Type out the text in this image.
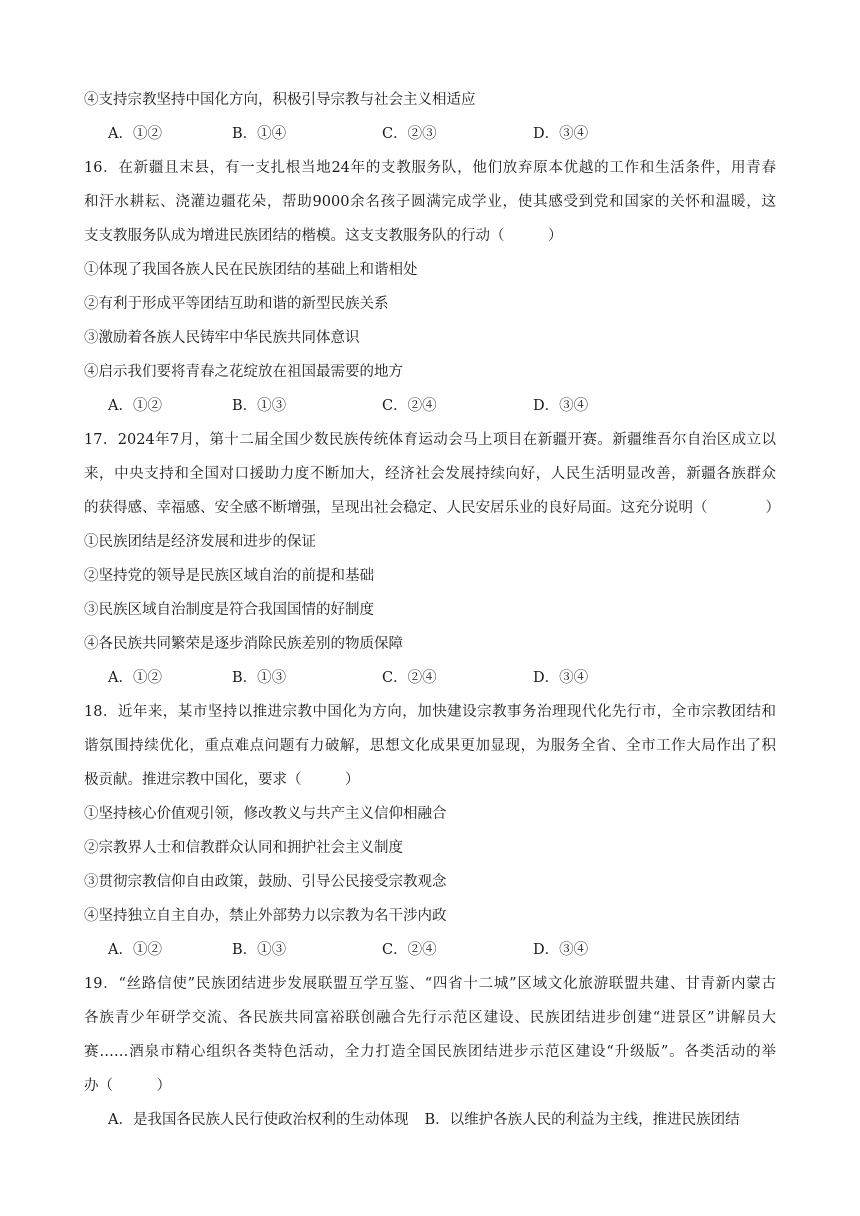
④支持宗教坚持中国化方向，积极引导宗教与社会主义相适应
A．①②	B．①④	C．②③	D．③④
16．在新疆且末县，有一支扎根当地24年的支教服务队，他们放弃原本优越的工作和生活条件，用青春
和汗水耕耘、浇灌边疆花朵，帮助9000余名孩子圆满完成学业，使其感受到党和国家的关怀和温暖，这
支支教服务队成为增进民族团结的楷模。这支支教服务队的行动（　　　）
①体现了我国各族人民在民族团结的基础上和谐相处
②有利于形成平等团结互助和谐的新型民族关系
③激励着各族人民铸牢中华民族共同体意识
④启示我们要将青春之花绽放在祖国最需要的地方
A．①②	B．①③	C．②④	D．③④
17．2024年7月，第十二届全国少数民族传统体育运动会马上项目在新疆开赛。新疆维吾尔自治区成立以
来，中央支持和全国对口援助力度不断加大，经济社会发展持续向好，人民生活明显改善，新疆各族群众
的获得感、幸福感、安全感不断增强，呈现出社会稳定、人民安居乐业的良好局面。这充分说明（　　　　）
①民族团结是经济发展和进步的保证
②坚持党的领导是民族区域自治的前提和基础
③民族区域自治制度是符合我国国情的好制度
④各民族共同繁荣是逐步消除民族差别的物质保障
A．①②	B．①③	C．②④	D．③④
18．近年来，某市坚持以推进宗教中国化为方向，加快建设宗教事务治理现代化先行市，全市宗教团结和
谐氛围持续优化，重点难点问题有力破解，思想文化成果更加显现，为服务全省、全市工作大局作出了积
极贡献。推进宗教中国化，要求（　　　）
①坚持核心价值观引领，修改教义与共产主义信仰相融合
②宗教界人士和信教群众认同和拥护社会主义制度
③贯彻宗教信仰自由政策，鼓励、引导公民接受宗教观念
④坚持独立自主自办，禁止外部势力以宗教为名干涉内政
A．①②	B．①③	C．②④	D．③④
19．“丝路信使”民族团结进步发展联盟互学互鉴、“四省十二城”区域文化旅游联盟共建、甘青新内蒙古
各族青少年研学交流、各民族共同富裕联创融合先行示范区建设、民族团结进步创建“进景区”讲解员大
赛……酒泉市精心组织各类特色活动，全力打造全国民族团结进步示范区建设“升级版”。各类活动的举
办（　　　）
A．是我国各民族人民行使政治权利的生动体现 B．以维护各族人民的利益为主线，推进民族团结
